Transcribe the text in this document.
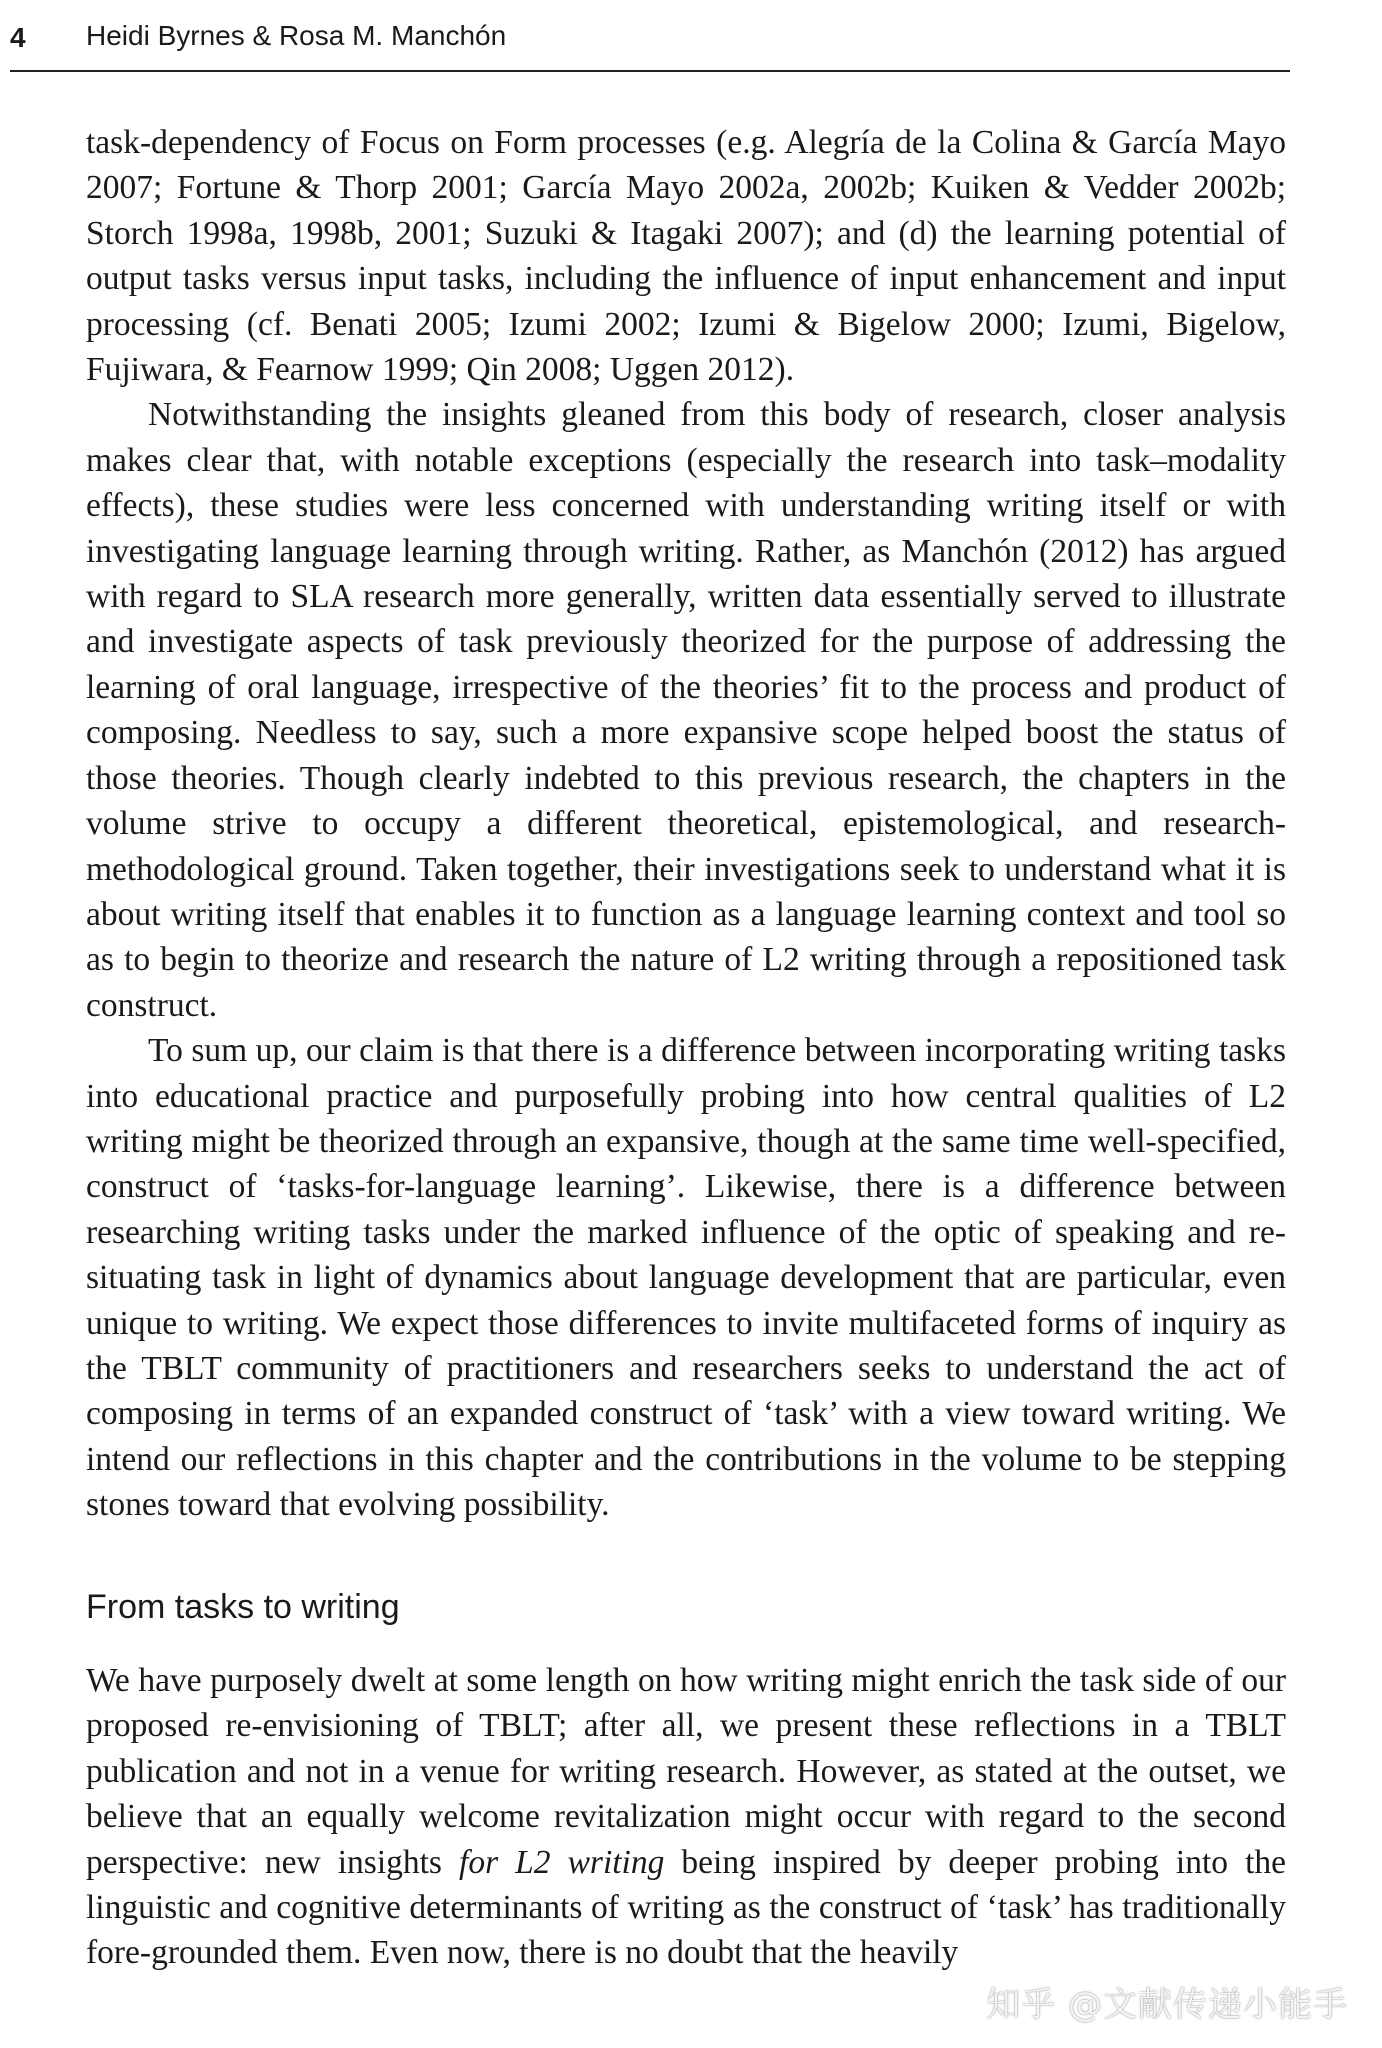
4 Heidi Byrnes & Rosa M. Manchón

task-dependency of Focus on Form processes (e.g. Alegría de la Colina & García Mayo 2007; Fortune & Thorp 2001; García Mayo 2002a, 2002b; Kuiken & Vedder 2002b; Storch 1998a, 1998b, 2001; Suzuki & Itagaki 2007); and (d) the learning potential of output tasks versus input tasks, including the influence of input enhancement and input processing (cf. Benati 2005; Izumi 2002; Izumi & Bigelow 2000; Izumi, Bigelow, Fujiwara, & Fearnow 1999; Qin 2008; Uggen 2012).

Notwithstanding the insights gleaned from this body of research, closer analysis makes clear that, with notable exceptions (especially the research into task–modality effects), these studies were less concerned with understanding writing itself or with investigating language learning through writing. Rather, as Manchón (2012) has argued with regard to SLA research more generally, written data essentially served to illustrate and investigate aspects of task previously theorized for the purpose of addressing the learning of oral language, irrespective of the theories’ fit to the process and product of composing. Needless to say, such a more expansive scope helped boost the status of those theories. Though clearly indebted to this previous research, the chapters in the volume strive to occupy a different theoretical, epistemological, and research-methodological ground. Taken together, their investigations seek to understand what it is about writing itself that enables it to function as a language learning context and tool so as to begin to theorize and research the nature of L2 writing through a repositioned task construct.

To sum up, our claim is that there is a difference between incorporating writing tasks into educational practice and purposefully probing into how central qualities of L2 writing might be theorized through an expansive, though at the same time well-specified, construct of ‘tasks-for-language learning’. Likewise, there is a difference between researching writing tasks under the marked influence of the optic of speaking and re-situating task in light of dynamics about language development that are particular, even unique to writing. We expect those differences to invite multifaceted forms of inquiry as the TBLT community of practitioners and researchers seeks to understand the act of composing in terms of an expanded construct of ‘task’ with a view toward writing. We intend our reflections in this chapter and the contributions in the volume to be stepping stones toward that evolving possibility.

From tasks to writing

We have purposely dwelt at some length on how writing might enrich the task side of our proposed re-envisioning of TBLT; after all, we present these reflections in a TBLT publication and not in a venue for writing research. However, as stated at the outset, we believe that an equally welcome revitalization might occur with regard to the second perspective: new insights for L2 writing being inspired by deeper probing into the linguistic and cognitive determinants of writing as the construct of ‘task’ has traditionally fore-grounded them. Even now, there is no doubt that the heavily

知乎 @文献传递小能手
